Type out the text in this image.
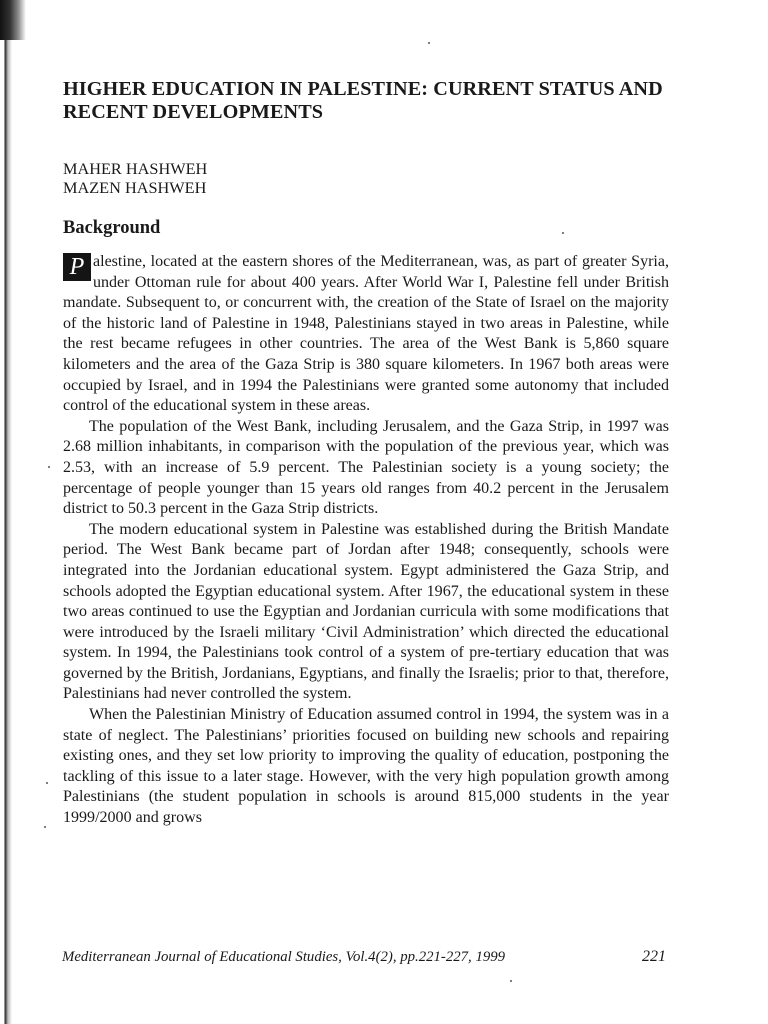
HIGHER EDUCATION IN PALESTINE: CURRENT STATUS AND RECENT DEVELOPMENTS
MAHER HASHWEH
MAZEN HASHWEH
Background

P alestine, located at the eastern shores of the Mediterranean, was, as part of greater Syria, under Ottoman rule for about 400 years. After World War I, Palestine fell under British mandate. Subsequent to, or concurrent with, the creation of the State of Israel on the majority of the historic land of Palestine in 1948, Palestinians stayed in two areas in Palestine, while the rest became refugees in other countries. The area of the West Bank is 5,860 square kilometers and the area of the Gaza Strip is 380 square kilometers. In 1967 both areas were occupied by Israel, and in 1994 the Palestinians were granted some autonomy that included control of the educational system in these areas.

The population of the West Bank, including Jerusalem, and the Gaza Strip, in 1997 was 2.68 million inhabitants, in comparison with the population of the previous year, which was 2.53, with an increase of 5.9 percent. The Palestinian society is a young society; the percentage of people younger than 15 years old ranges from 40.2 percent in the Jerusalem district to 50.3 percent in the Gaza Strip districts.

The modern educational system in Palestine was established during the British Mandate period. The West Bank became part of Jordan after 1948; consequently, schools were integrated into the Jordanian educational system. Egypt administered the Gaza Strip, and schools adopted the Egyptian educational system. After 1967, the educational system in these two areas continued to use the Egyptian and Jordanian curricula with some modifications that were introduced by the Israeli military ‘Civil Administration’ which directed the educational system. In 1994, the Palestinians took control of a system of pre-tertiary education that was governed by the British, Jordanians, Egyptians, and finally the Israelis; prior to that, therefore, Palestinians had never controlled the system.

When the Palestinian Ministry of Education assumed control in 1994, the system was in a state of neglect. The Palestinians’ priorities focused on building new schools and repairing existing ones, and they set low priority to improving the quality of education, postponing the tackling of this issue to a later stage. However, with the very high population growth among Palestinians (the student population in schools is around 815,000 students in the year 1999/2000 and grows

Mediterranean Journal of Educational Studies, Vol.4(2), pp.221-227, 1999	221
